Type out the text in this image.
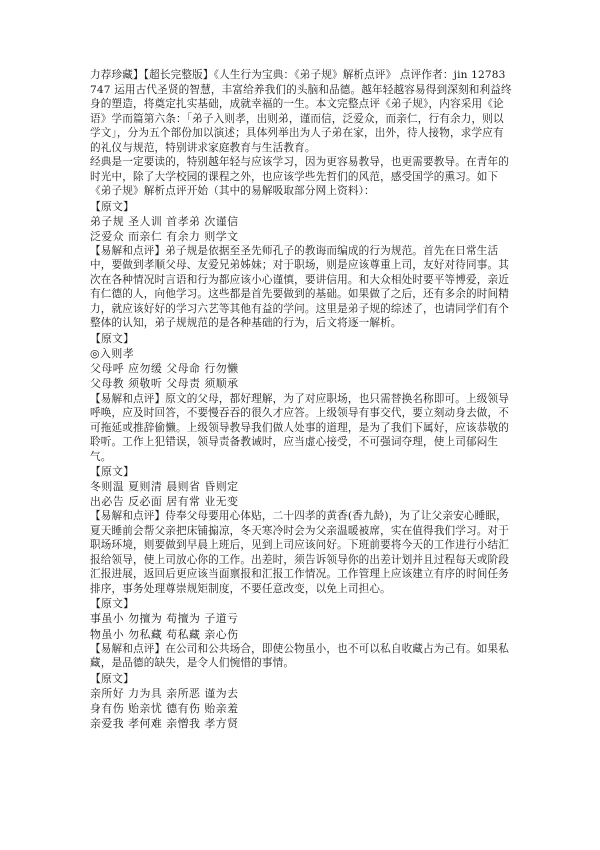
力荐珍藏】【超长完整版】《人生行为宝典：《弟子规》解析点评》 点评作者：jin 12783747 运用古代圣贤的智慧，丰富给养我们的头脑和品德。越年轻越容易得到深刻和利益终身的塑造，将奠定扎实基础，成就幸福的一生。本文完整点评《弟子规》，内容采用《论语》学而篇第六条：「弟子入则孝，出则弟，谨而信，泛爱众，而亲仁，行有余力，则以学文」，分为五个部份加以演述；具体列举出为人子弟在家，出外，待人接物，求学应有的礼仪与规范，特别讲求家庭教育与生活教育。

经典是一定要读的，特别越年轻与应该学习，因为更容易教导，也更需要教导。在青年的时光中，除了大学校园的课程之外，也应该学些先哲们的风范，感受国学的熏习。如下《弟子规》解析点评开始（其中的易解吸取部分网上资料）：

【原文】

弟子规 圣人训 首孝弟 次谨信

泛爱众 而亲仁 有余力 则学文

【易解和点评】弟子规是依据至圣先师孔子的教诲而编成的行为规范。首先在日常生活中，要做到孝顺父母、友爱兄弟姊妹；对于职场，则是应该尊重上司，友好对待同事。其次在各种情况时言语和行为都应该小心谨慎，要讲信用。和大众相处时要平等博爱，亲近有仁德的人，向他学习。这些都是首先要做到的基础。如果做了之后，还有多余的时间精力，就应该好好的学习六艺等其他有益的学问。这里是弟子规的综述了，也请同学们有个整体的认知，弟子规规范的是各种基础的行为，后文将逐一解析。

【原文】

◎入则孝

父母呼 应勿缓 父母命 行勿懒

父母教 须敬听 父母责 须顺承

【易解和点评】原文的父母，都好理解，为了对应职场，也只需替换名称即可。上级领导呼唤，应及时回答，不要慢吞吞的很久才应答。上级领导有事交代，要立刻动身去做，不可拖延或推辞偷懒。上级领导教导我们做人处事的道理，是为了我们下属好，应该恭敬的聆听。工作上犯错误，领导责备教诫时，应当虚心接受，不可强词夺理，使上司郁闷生气。

【原文】

冬则温 夏则清 晨则省 昏则定

出必告 反必面 居有常 业无变

【易解和点评】侍奉父母要用心体贴，二十四孝的黄香(香九龄)，为了让父亲安心睡眠，夏天睡前会帮父亲把床铺搧凉，冬天寒冷时会为父亲温暖被席，实在值得我们学习。对于职场环境，则要做到早晨上班后，见到上司应该问好。下班前要将今天的工作进行小结汇报给领导，使上司放心你的工作。出差时，须告诉领导你的出差计划并且过程每天或阶段汇报进展，返回后更应该当面禀报和汇报工作情况。工作管理上应该建立有序的时间任务排序，事务处理尊崇规矩制度，不要任意改变，以免上司担心。

【原文】

事虽小 勿擅为 苟擅为 子道亏

物虽小 勿私藏 苟私藏 亲心伤

【易解和点评】在公司和公共场合，即使公物虽小，也不可以私自收藏占为己有。如果私藏，是品德的缺失，是令人们惋惜的事情。

【原文】

亲所好 力为具 亲所恶 谨为去

身有伤 贻亲忧 德有伤 贻亲羞

亲爱我 孝何难 亲憎我 孝方贤
